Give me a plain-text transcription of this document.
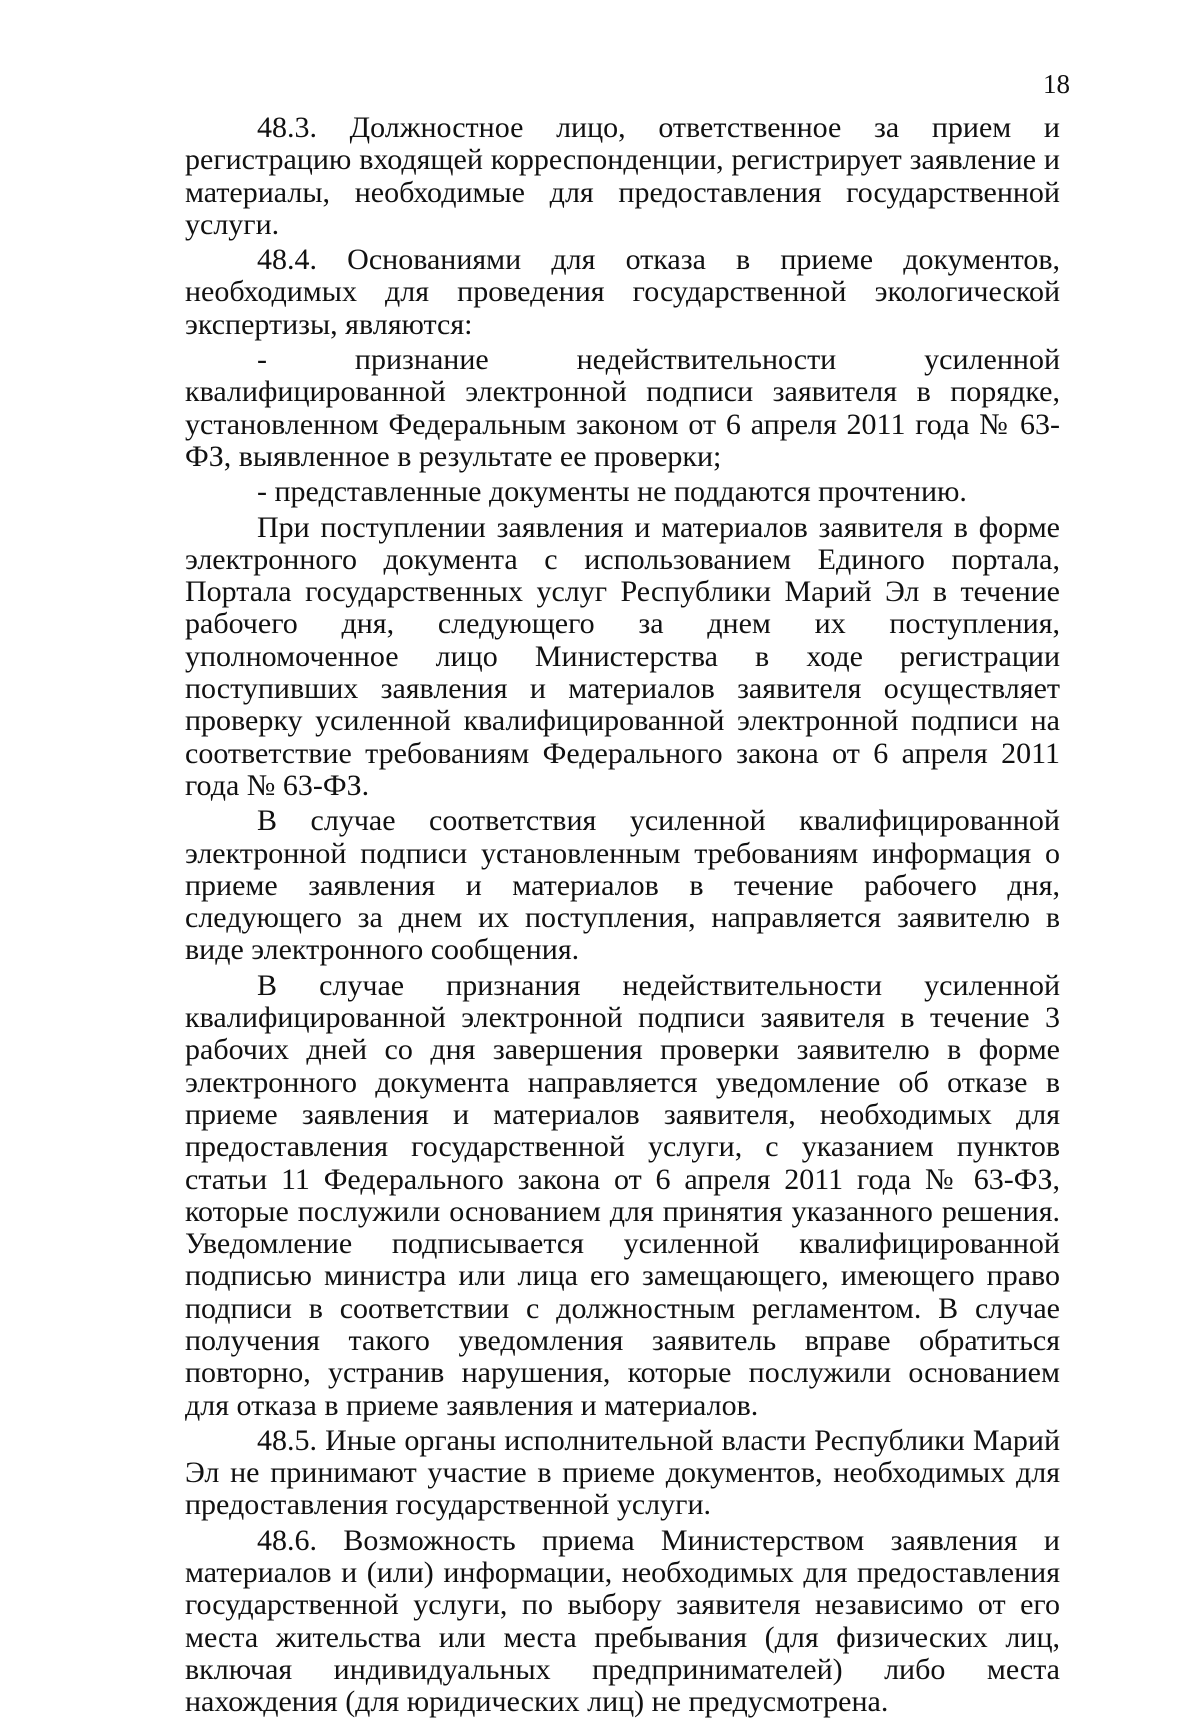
18

48.3. Должностное лицо, ответственное за прием и регистрацию входящей корреспонденции, регистрирует заявление и материалы, необходимые для предоставления государственной услуги.

48.4. Основаниями для отказа в приеме документов, необходимых для проведения государственной экологической экспертизы, являются:

- признание недействительности усиленной квалифицированной электронной подписи заявителя в порядке, установленном Федеральным законом от 6 апреля 2011 года № 63-ФЗ, выявленное в результате ее проверки;

- представленные документы не поддаются прочтению.

При поступлении заявления и материалов заявителя в форме электронного документа с использованием Единого портала, Портала государственных услуг Республики Марий Эл в течение рабочего дня, следующего за днем их поступления, уполномоченное лицо Министерства в ходе регистрации поступивших заявления и материалов заявителя осуществляет проверку усиленной квалифицированной электронной подписи на соответствие требованиям Федерального закона от 6 апреля 2011 года № 63-ФЗ.

В случае соответствия усиленной квалифицированной электронной подписи установленным требованиям информация о приеме заявления и материалов в течение рабочего дня, следующего за днем их поступления, направляется заявителю в виде электронного сообщения.

В случае признания недействительности усиленной квалифицированной электронной подписи заявителя в течение 3 рабочих дней со дня завершения проверки заявителю в форме электронного документа направляется уведомление об отказе в приеме заявления и материалов заявителя, необходимых для предоставления государственной услуги, с указанием пунктов статьи 11 Федерального закона от 6 апреля 2011 года № 63-ФЗ, которые послужили основанием для принятия указанного решения. Уведомление подписывается усиленной квалифицированной подписью министра или лица его замещающего, имеющего право подписи в соответствии с должностным регламентом. В случае получения такого уведомления заявитель вправе обратиться повторно, устранив нарушения, которые послужили основанием для отказа в приеме заявления и материалов.

48.5. Иные органы исполнительной власти Республики Марий Эл не принимают участие в приеме документов, необходимых для предоставления государственной услуги.

48.6. Возможность приема Министерством заявления и материалов и (или) информации, необходимых для предоставления государственной услуги, по выбору заявителя независимо от его места жительства или места пребывания (для физических лиц, включая индивидуальных предпринимателей) либо места нахождения (для юридических лиц) не предусмотрена.
